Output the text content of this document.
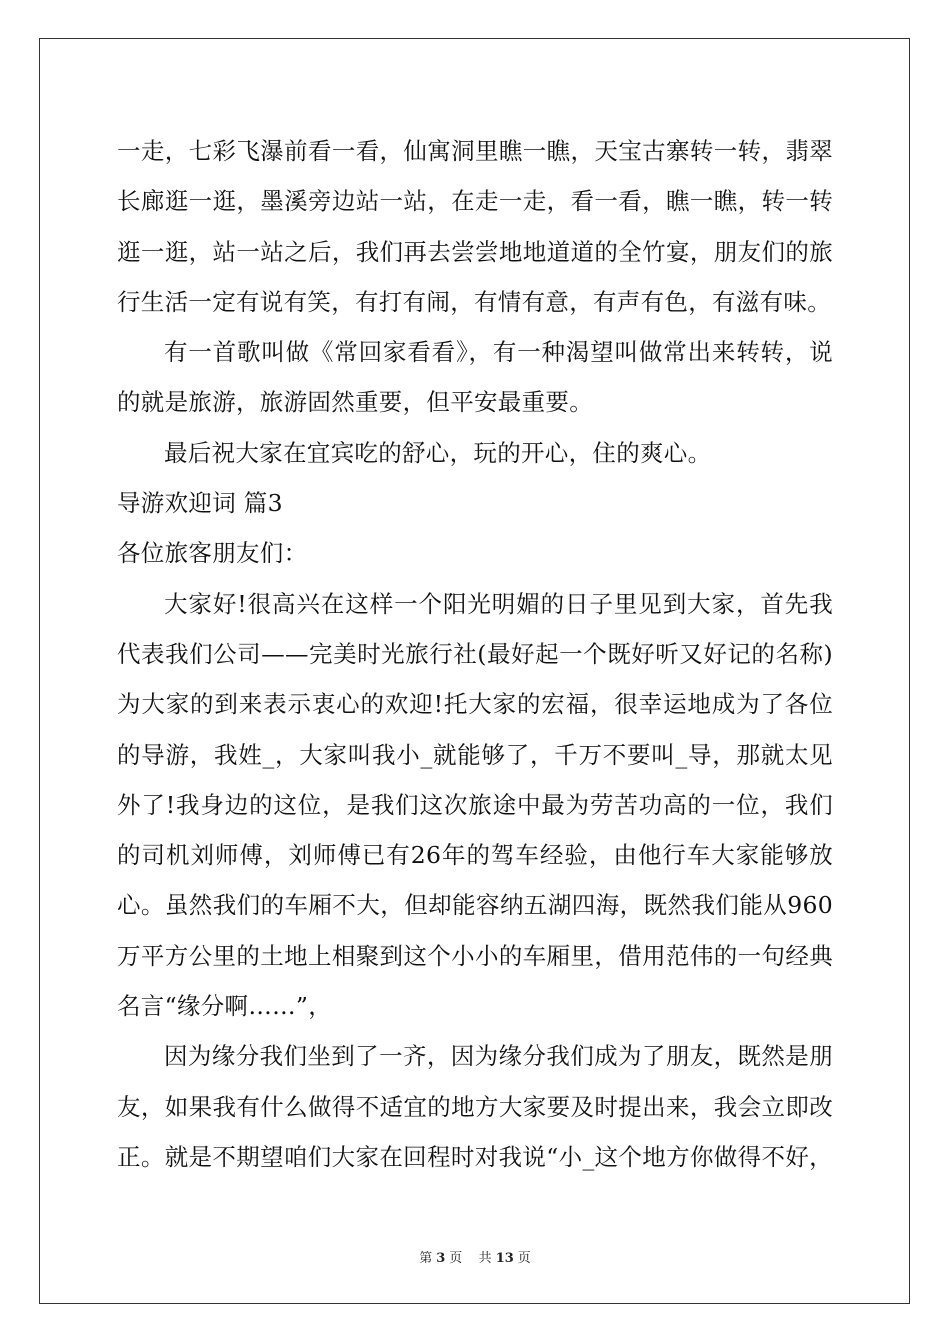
一走，七彩飞瀑前看一看，仙寓洞里瞧一瞧，天宝古寨转一转，翡翠
长廊逛一逛，墨溪旁边站一站，在走一走，看一看，瞧一瞧，转一转
逛一逛，站一站之后，我们再去尝尝地地道道的全竹宴，朋友们的旅
行生活一定有说有笑，有打有闹，有情有意，有声有色，有滋有味。
有一首歌叫做《常回家看看》，有一种渴望叫做常出来转转，说
的就是旅游，旅游固然重要，但平安最重要。
最后祝大家在宜宾吃的舒心，玩的开心，住的爽心。
导游欢迎词 篇3
各位旅客朋友们：
大家好!很高兴在这样一个阳光明媚的日子里见到大家，首先我
代表我们公司——完美时光旅行社(最好起一个既好听又好记的名称)
为大家的到来表示衷心的欢迎!托大家的宏福，很幸运地成为了各位
的导游，我姓_，大家叫我小_就能够了，千万不要叫_导，那就太见
外了!我身边的这位，是我们这次旅途中最为劳苦功高的一位，我们
的司机刘师傅，刘师傅已有26年的驾车经验，由他行车大家能够放
心。虽然我们的车厢不大，但却能容纳五湖四海，既然我们能从960
万平方公里的土地上相聚到这个小小的车厢里，借用范伟的一句经典
名言“缘分啊……”，
因为缘分我们坐到了一齐，因为缘分我们成为了朋友，既然是朋
友，如果我有什么做得不适宜的地方大家要及时提出来，我会立即改
正。就是不期望咱们大家在回程时对我说“小_这个地方你做得不好，
第 3 页 共 13 页
